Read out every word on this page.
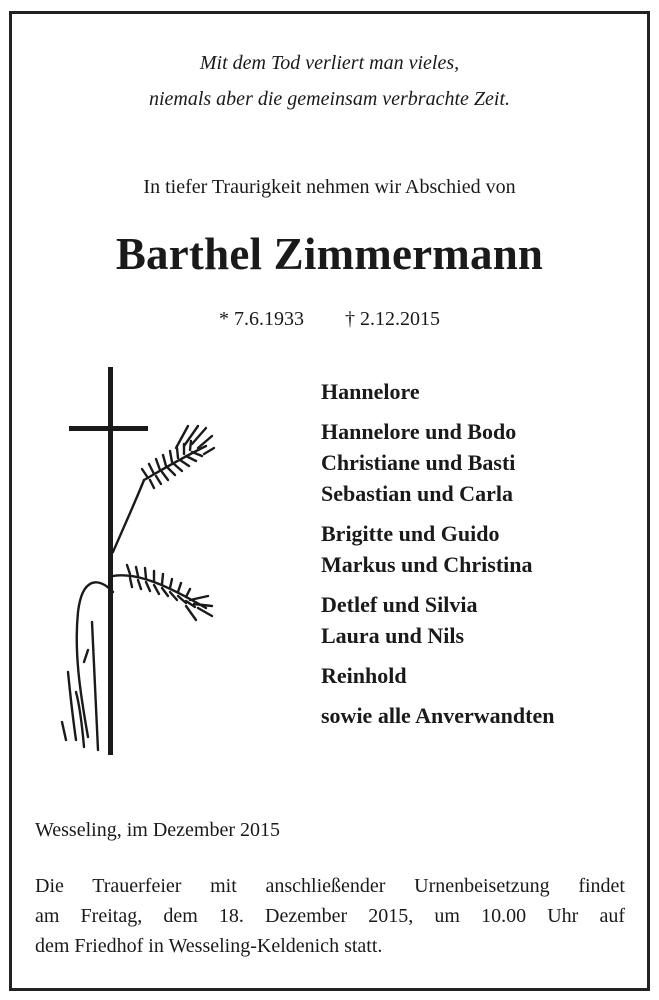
Mit dem Tod verliert man vieles,
niemals aber die gemeinsam verbrachte Zeit.
In tiefer Traurigkeit nehmen wir Abschied von
Barthel Zimmermann
* 7.6.1933 † 2.12.2015
Hannelore
Hannelore und Bodo
Christiane und Basti
Sebastian und Carla
Brigitte und Guido
Markus und Christina
Detlef und Silvia
Laura und Nils
Reinhold
sowie alle Anverwandten
Wesseling, im Dezember 2015
Die Trauerfeier mit anschließender Urnenbeisetzung findet
am Freitag, dem 18. Dezember 2015, um 10.00 Uhr auf
dem Friedhof in Wesseling-Keldenich statt.
